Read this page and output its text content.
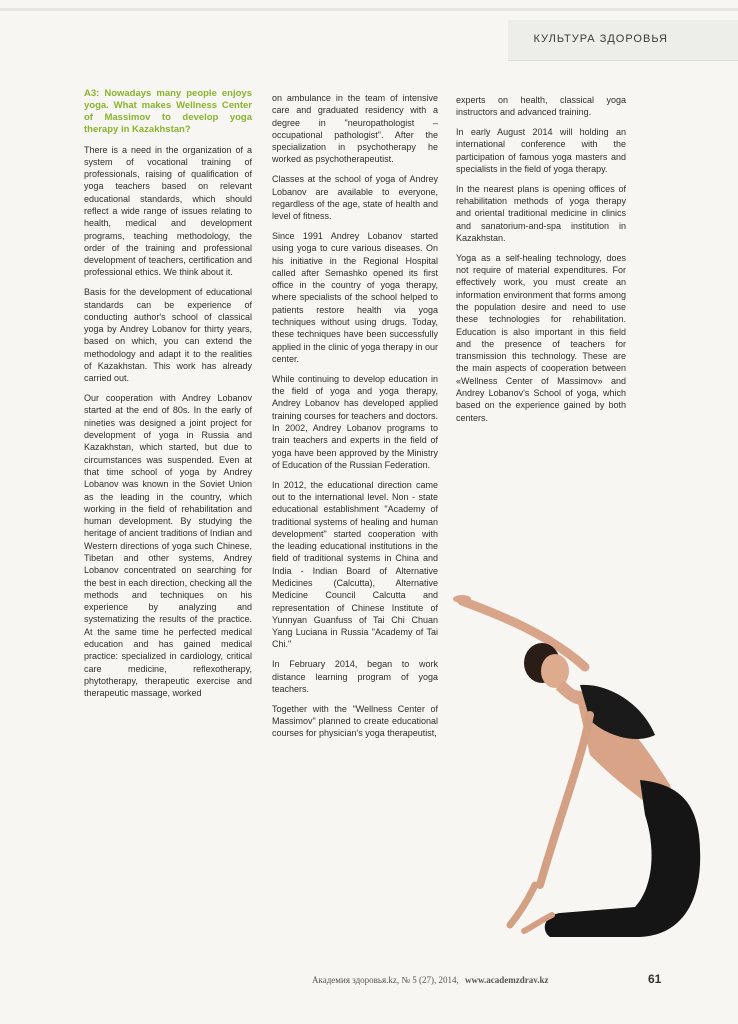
КУЛЬТУРА ЗДОРОВЬЯ

А3: Nowadays many people enjoys yoga. What makes Wellness Center of Massimov to develop yoga therapy in Kazakhstan?

There is a need in the organization of a system of vocational training of professionals, raising of qualification of yoga teachers based on relevant educational standards, which should reflect a wide range of issues relating to health, medical and development programs, teaching methodology, the order of the training and professional development of teachers, certification and professional ethics. We think about it.

Basis for the development of educational standards can be experience of conducting author's school of classical yoga by Andrey Lobanov for thirty years, based on which, you can extend the methodology and adapt it to the realities of Kazakhstan. This work has already carried out.

Our cooperation with Andrey Lobanov started at the end of 80s. In the early of nineties was designed a joint project for development of yoga in Russia and Kazakhstan, which started, but due to circumstances was suspended. Even at that time school of yoga by Andrey Lobanov was known in the Soviet Union as the leading in the country, which working in the field of rehabilitation and human development. By studying the heritage of ancient traditions of Indian and Western directions of yoga such Chinese, Tibetan and other systems, Andrey Lobanov concentrated on searching for the best in each direction, checking all the methods and techniques on his experience by analyzing and systematizing the results of the practice. At the same time he perfected medical education and has gained medical practice: specialized in cardiology, critical care medicine, reflexotherapy, phytotherapy, therapeutic exercise and therapeutic massage, worked

on ambulance in the team of intensive care and graduated residency with a degree in "neuropathologist – occupational pathologist". After the specialization in psychotherapy he worked as psychotherapeutist.

Classes at the school of yoga of Andrey Lobanov are available to everyone, regardless of the age, state of health and level of fitness.

Since 1991 Andrey Lobanov started using yoga to cure various diseases. On his initiative in the Regional Hospital called after Semashko opened its first office in the country of yoga therapy, where specialists of the school helped to patients restore health via yoga techniques without using drugs. Today, these techniques have been successfully applied in the clinic of yoga therapy in our center.

While continuing to develop education in the field of yoga and yoga therapy, Andrey Lobanov has developed applied training courses for teachers and doctors. In 2002, Andrey Lobanov programs to train teachers and experts in the field of yoga have been approved by the Ministry of Education of the Russian Federation.

In 2012, the educational direction came out to the international level. Non - state educational establishment "Academy of traditional systems of healing and human development" started cooperation with the leading educational institutions in the field of traditional systems in China and India - Indian Board of Alternative Medicines (Calcutta), Alternative Medicine Council Calcutta and representation of Chinese Institute of Yunnyan Guanfuss of Tai Chi Chuan Yang Luciana in Russia "Academy of Tai Chi."

In February 2014, began to work distance learning program of yoga teachers.

Together with the "Wellness Center of Massimov" planned to create educational courses for physician's yoga therapeutist,

experts on health, classical yoga instructors and advanced training.

In early August 2014 will holding an international conference with the participation of famous yoga masters and specialists in the field of yoga therapy.

In the nearest plans is opening offices of rehabilitation methods of yoga therapy and oriental traditional medicine in clinics and sanatorium-and-spa institution in Kazakhstan.

Yoga as a self-healing technology, does not require of material expenditures. For effectively work, you must create an information environment that forms among the population desire and need to use these technologies for rehabilitation. Education is also important in this field and the presence of teachers for transmission this technology. These are the main aspects of cooperation between «Wellness Center of Massimov» and Andrey Lobanov's School of yoga, which based on the experience gained by both centers.

Академия здоровья.kz, № 5 (27), 2014, www.academzdrav.kz	61
